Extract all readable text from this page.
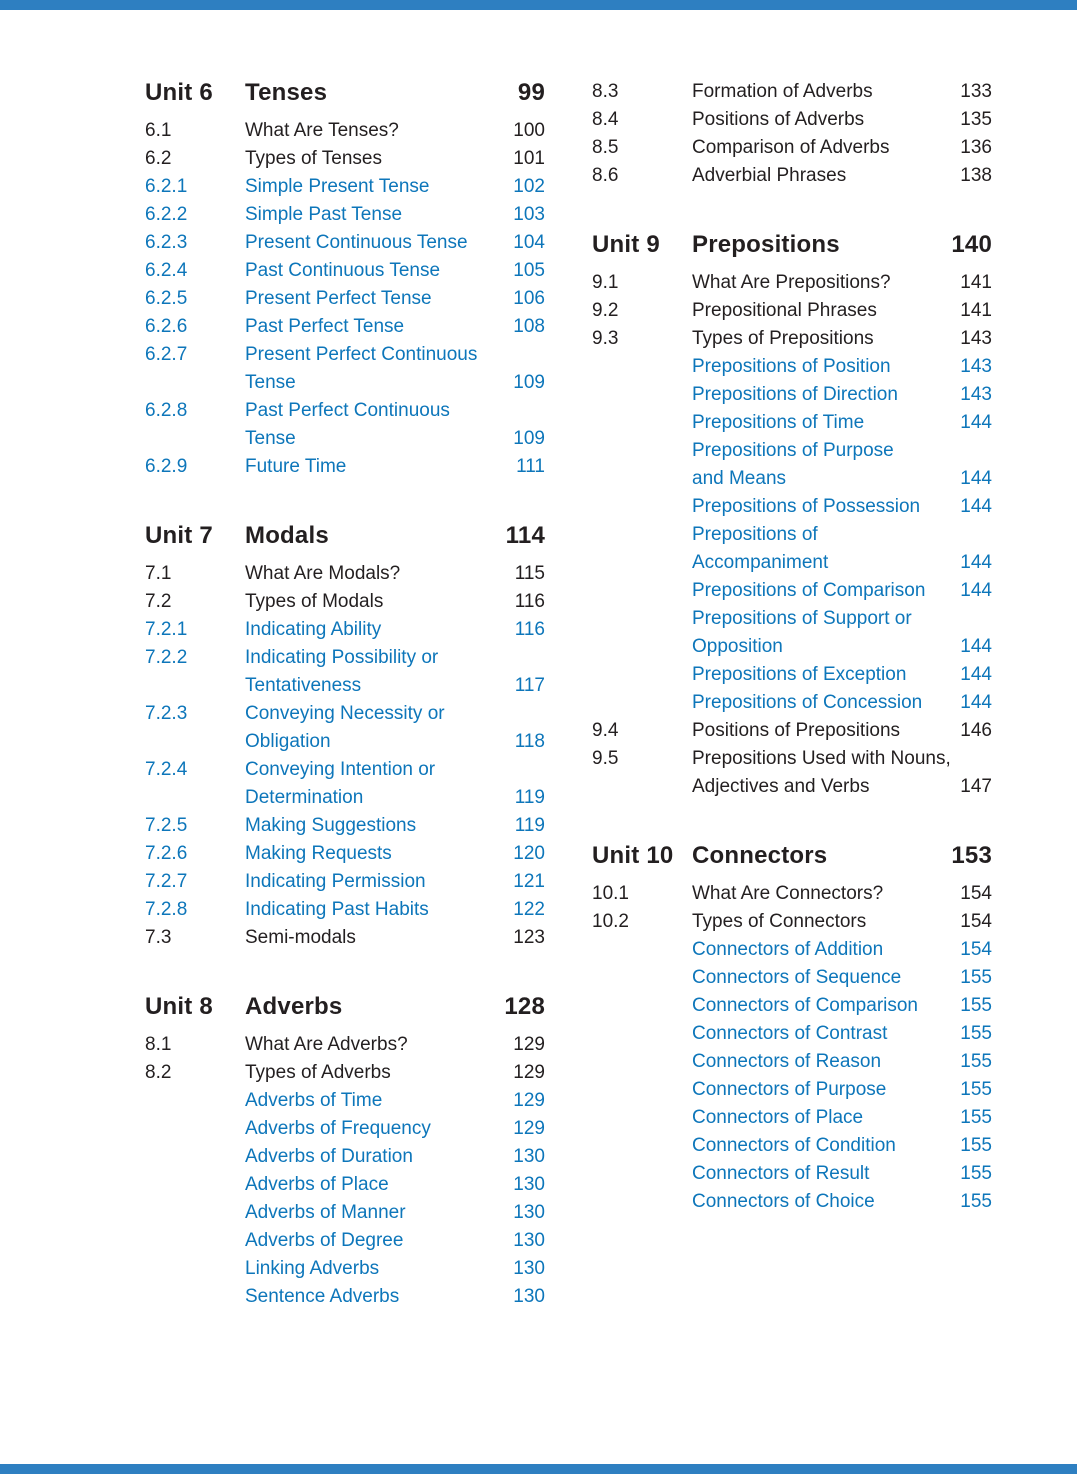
Unit 6	Tenses	99
6.1	What Are Tenses?	100
6.2	Types of Tenses	101
6.2.1	Simple Present Tense	102
6.2.2	Simple Past Tense	103
6.2.3	Present Continuous Tense	104
6.2.4	Past Continuous Tense	105
6.2.5	Present Perfect Tense	106
6.2.6	Past Perfect Tense	108
6.2.7	Present Perfect Continuous
Tense	109
6.2.8	Past Perfect Continuous
Tense	109
6.2.9	Future Time	111
Unit 7	Modals	114
7.1	What Are Modals?	115
7.2	Types of Modals	116
7.2.1	Indicating Ability	116
7.2.2	Indicating Possibility or
Tentativeness	117
7.2.3	Conveying Necessity or
Obligation	118
7.2.4	Conveying Intention or
Determination	119
7.2.5	Making Suggestions	119
7.2.6	Making Requests	120
7.2.7	Indicating Permission	121
7.2.8	Indicating Past Habits	122
7.3	Semi-modals	123
Unit 8	Adverbs	128
8.1	What Are Adverbs?	129
8.2	Types of Adverbs	129
Adverbs of Time	129
Adverbs of Frequency	129
Adverbs of Duration	130
Adverbs of Place	130
Adverbs of Manner	130
Adverbs of Degree	130
Linking Adverbs	130
Sentence Adverbs	130
8.3	Formation of Adverbs	133
8.4	Positions of Adverbs	135
8.5	Comparison of Adverbs	136
8.6	Adverbial Phrases	138
Unit 9	Prepositions	140
9.1	What Are Prepositions?	141
9.2	Prepositional Phrases	141
9.3	Types of Prepositions	143
Prepositions of Position	143
Prepositions of Direction	143
Prepositions of Time	144
Prepositions of Purpose
and Means	144
Prepositions of Possession	144
Prepositions of
Accompaniment	144
Prepositions of Comparison	144
Prepositions of Support or
Opposition	144
Prepositions of Exception	144
Prepositions of Concession	144
9.4	Positions of Prepositions	146
9.5	Prepositions Used with Nouns,
Adjectives and Verbs	147
Unit 10 Connectors	153
10.1	What Are Connectors?	154
10.2	Types of Connectors	154
Connectors of Addition	154
Connectors of Sequence	155
Connectors of Comparison	155
Connectors of Contrast	155
Connectors of Reason	155
Connectors of Purpose	155
Connectors of Place	155
Connectors of Condition	155
Connectors of Result	155
Connectors of Choice	155
